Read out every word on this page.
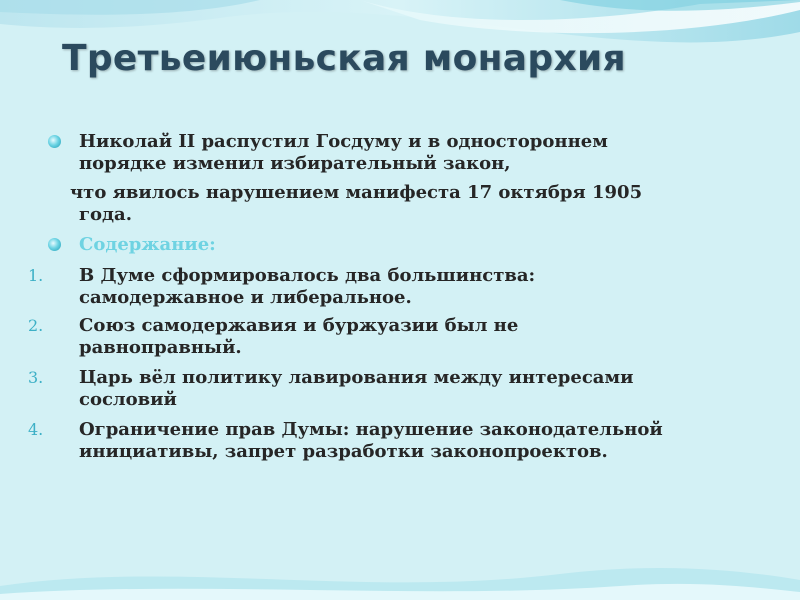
Третьеиюньская монархия
Николай II распустил Госдуму и в одностороннем
порядке изменил избирательный закон,
что явилось нарушением манифеста 17 октября 1905
года.
Содержание:
1.	В Думе сформировалось два большинства:
самодержавное и либеральное.
2.	Союз самодержавия и буржуазии был не
равноправный.
3.	Царь вёл политику лавирования между интересами
сословий
4.	Ограничение прав Думы: нарушение законодательной
инициативы, запрет разработки законопроектов.
